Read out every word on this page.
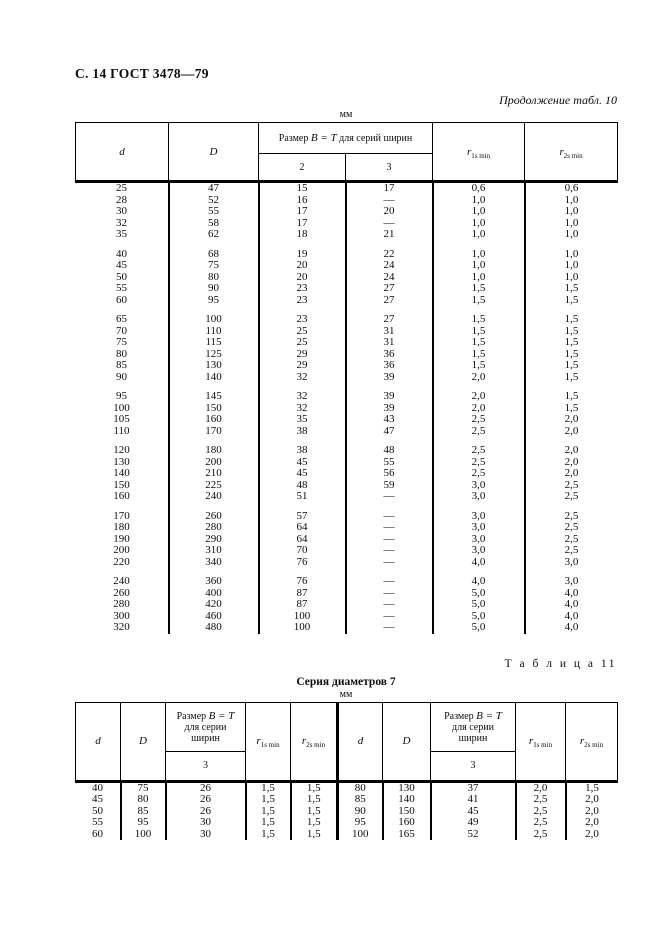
С. 14 ГОСТ 3478—79
Продолжение табл. 10
мм
d	D	Размер B = T для серий ширин		$r_{1s min}$	$r_{2s min}$
		2	3		
25	47	15	17	0,6	0,6
28	52	16	—	1,0	1,0
30	55	17	20	1,0	1,0
32	58	17	—	1,0	1,0
35	62	18	21	1,0	1,0
40	68	19	22	1,0	1,0
45	75	20	24	1,0	1,0
50	80	20	24	1,0	1,0
55	90	23	27	1,5	1,5
60	95	23	27	1,5	1,5
65	100	23	27	1,5	1,5
70	110	25	31	1,5	1,5
75	115	25	31	1,5	1,5
80	125	29	36	1,5	1,5
85	130	29	36	1,5	1,5
90	140	32	39	2,0	1,5
95	145	32	39	2,0	1,5
100	150	32	39	2,0	1,5
105	160	35	43	2,5	2,0
110	170	38	47	2,5	2,0
120	180	38	48	2,5	2,0
130	200	45	55	2,5	2,0
140	210	45	56	2,5	2,0
150	225	48	59	3,0	2,5
160	240	51	—	3,0	2,5
170	260	57	—	3,0	2,5
180	280	64	—	3,0	2,5
190	290	64	—	3,0	2,5
200	310	70	—	3,0	2,5
220	340	76	—	4,0	3,0
240	360	76	—	4,0	3,0
260	400	87	—	5,0	4,0
280	420	87	—	5,0	4,0
300	460	100	—	5,0	4,0
320	480	100	—	5,0	4,0
Т а б л и ц а 11
Серия диаметров 7
мм
d	D	Размер B = T для серии ширин	$r_{1s min}$	$r_{2s min}$	d	D	Размер B = T для серии ширин	$r_{1s min}$	$r_{2s min}$
		3					3		
40	75	26	1,5	1,5	80	130	37	2,0	1,5
45	80	26	1,5	1,5	85	140	41	2,5	2,0
50	85	26	1,5	1,5	90	150	45	2,5	2,0
55	95	30	1,5	1,5	95	160	49	2,5	2,0
60	100	30	1,5	1,5	100	165	52	2,5	2,0
